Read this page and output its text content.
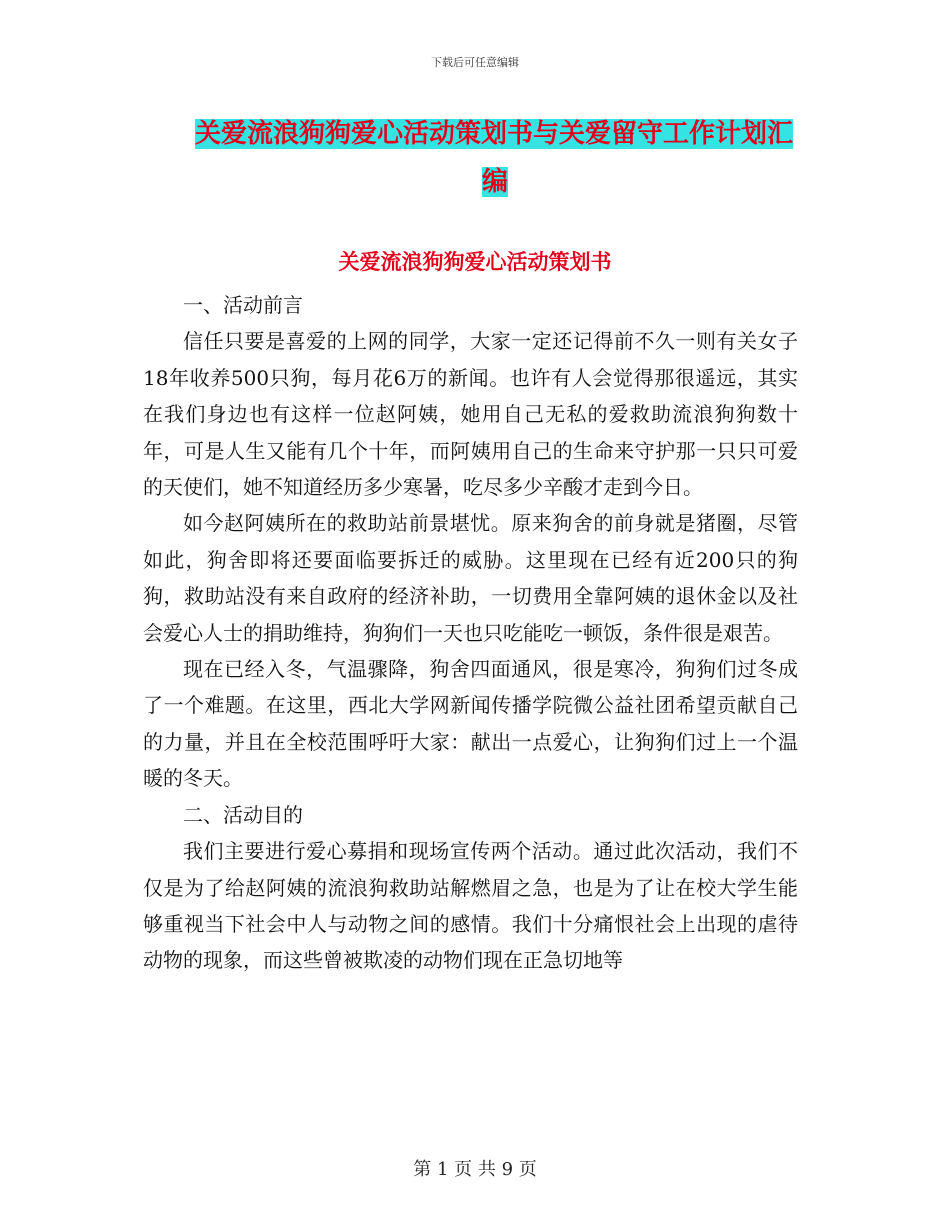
下载后可任意编辑
关爱流浪狗狗爱心活动策划书与关爱留守工作计划汇
编
关爱流浪狗狗爱心活动策划书

一、活动前言

信任只要是喜爱的上网的同学，大家一定还记得前不久一则有关女子18年收养500只狗，每月花6万的新闻。也许有人会觉得那很遥远，其实在我们身边也有这样一位赵阿姨，她用自己无私的爱救助流浪狗狗数十年，可是人生又能有几个十年，而阿姨用自己的生命来守护那一只只可爱的天使们，她不知道经历多少寒暑，吃尽多少辛酸才走到今日。

如今赵阿姨所在的救助站前景堪忧。原来狗舍的前身就是猪圈，尽管如此，狗舍即将还要面临要拆迁的威胁。这里现在已经有近200只的狗狗，救助站没有来自政府的经济补助，一切费用全靠阿姨的退休金以及社会爱心人士的捐助维持，狗狗们一天也只吃能吃一顿饭，条件很是艰苦。

现在已经入冬，气温骤降，狗舍四面通风，很是寒冷，狗狗们过冬成了一个难题。在这里，西北大学网新闻传播学院微公益社团希望贡献自己的力量，并且在全校范围呼吁大家：献出一点爱心，让狗狗们过上一个温暖的冬天。

二、活动目的

我们主要进行爱心募捐和现场宣传两个活动。通过此次活动，我们不仅是为了给赵阿姨的流浪狗救助站解燃眉之急，也是为了让在校大学生能够重视当下社会中人与动物之间的感情。我们十分痛恨社会上出现的虐待动物的现象，而这些曾被欺凌的动物们现在正急切地等

第 1 页 共 9 页
